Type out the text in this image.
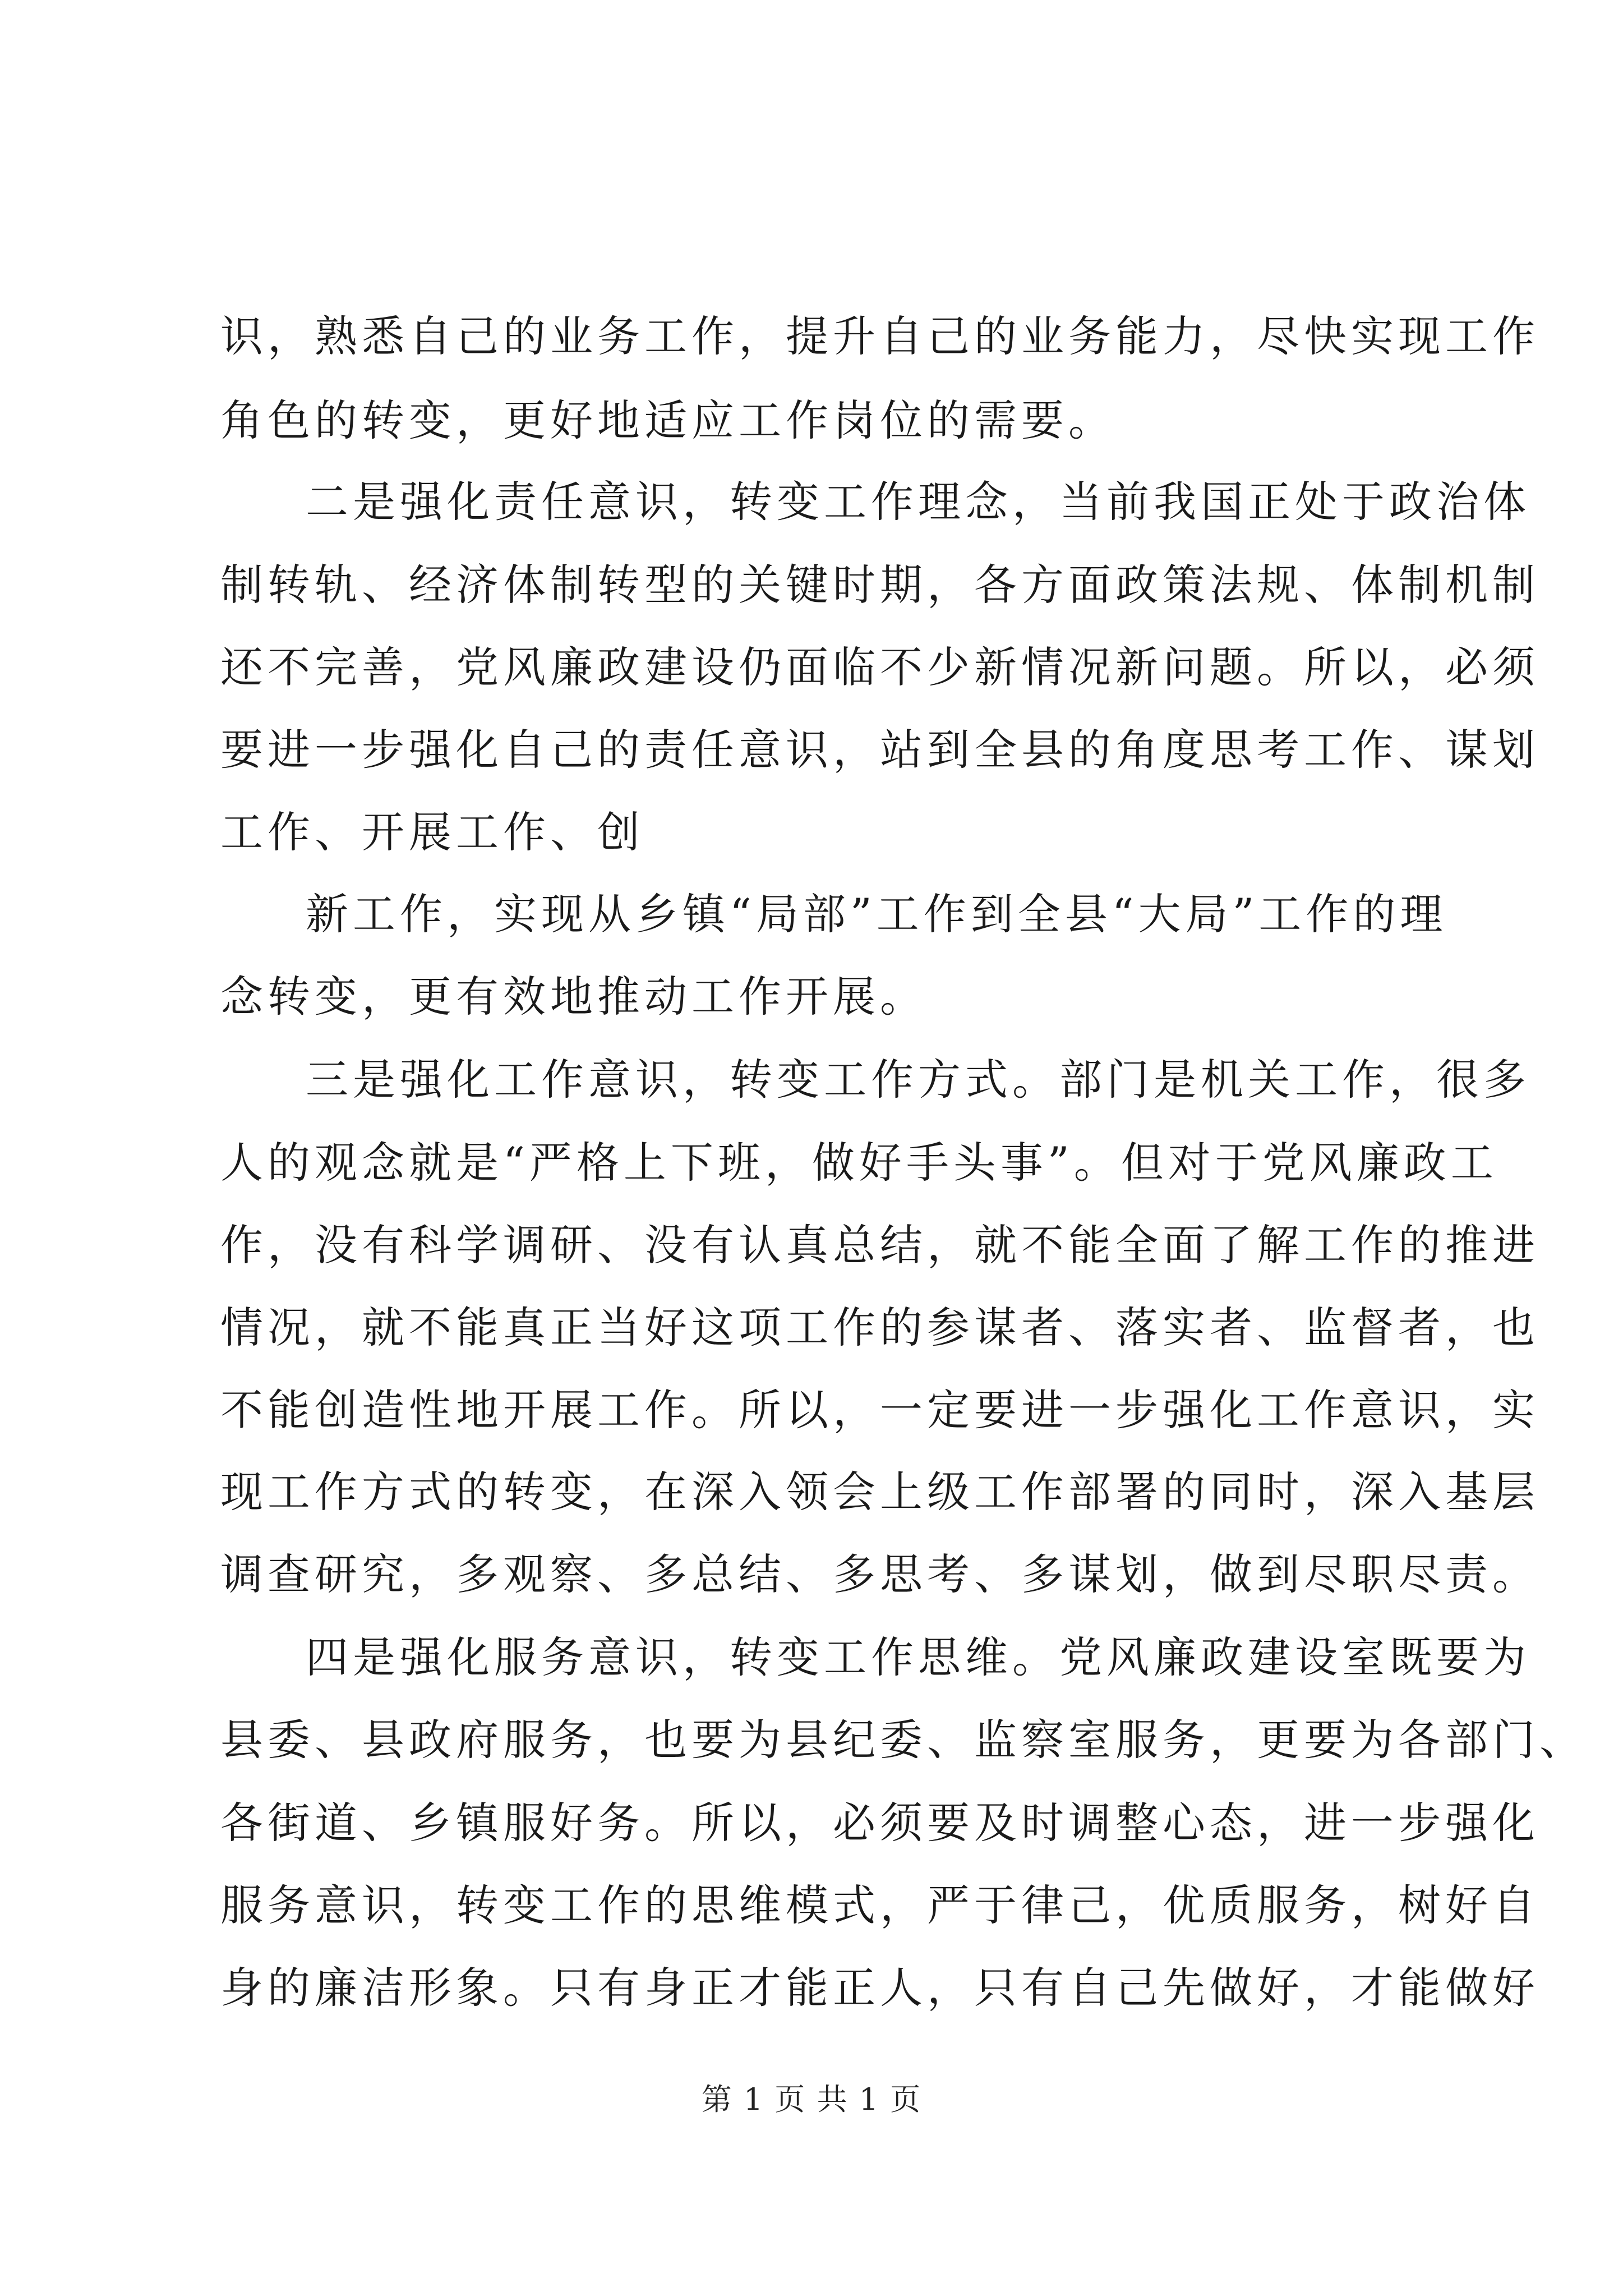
识，熟悉自己的业务工作，提升自己的业务能力，尽快实现工作
角色的转变，更好地适应工作岗位的需要。
二是强化责任意识，转变工作理念，当前我国正处于政治体
制转轨、经济体制转型的关键时期，各方面政策法规、体制机制
还不完善，党风廉政建设仍面临不少新情况新问题。所以，必须
要进一步强化自己的责任意识，站到全县的角度思考工作、谋划
工作、开展工作、创
新工作，实现从乡镇“局部”工作到全县“大局”工作的理
念转变，更有效地推动工作开展。
三是强化工作意识，转变工作方式。部门是机关工作，很多
人的观念就是“严格上下班，做好手头事”。但对于党风廉政工
作，没有科学调研、没有认真总结，就不能全面了解工作的推进
情况，就不能真正当好这项工作的参谋者、落实者、监督者，也
不能创造性地开展工作。所以，一定要进一步强化工作意识，实
现工作方式的转变，在深入领会上级工作部署的同时，深入基层
调查研究，多观察、多总结、多思考、多谋划，做到尽职尽责。
四是强化服务意识，转变工作思维。党风廉政建设室既要为
县委、县政府服务，也要为县纪委、监察室服务，更要为各部门、
各街道、乡镇服好务。所以，必须要及时调整心态，进一步强化
服务意识，转变工作的思维模式，严于律己，优质服务，树好自
身的廉洁形象。只有身正才能正人，只有自己先做好，才能做好
第 1 页 共 1 页
